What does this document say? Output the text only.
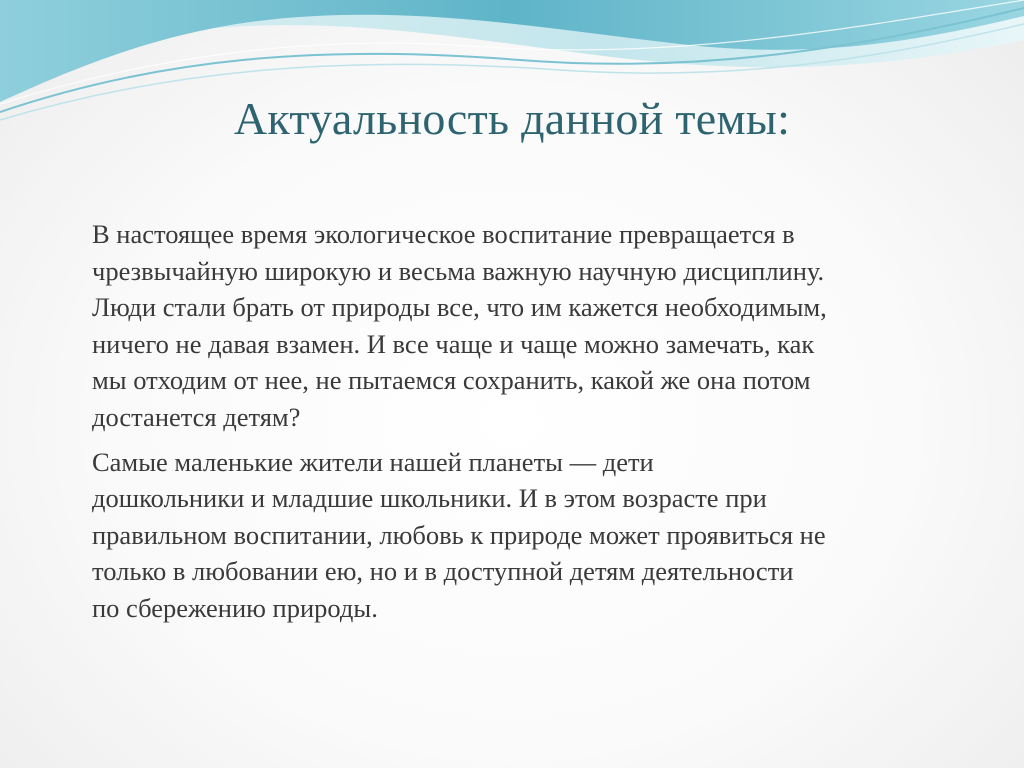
Актуальность данной темы:

В настоящее время экологическое воспитание превращается в
чрезвычайную широкую и весьма важную научную дисциплину.
Люди стали брать от природы все, что им кажется необходимым,
ничего не давая взамен. И все чаще и чаще можно замечать, как
мы отходим от нее, не пытаемся сохранить, какой же она потом
достанется детям?

Самые маленькие жители нашей планеты — дети
дошкольники и младшие школьники. И в этом возрасте при
правильном воспитании, любовь к природе может проявиться не
только в любовании ею, но и в доступной детям деятельности
по сбережению природы.
